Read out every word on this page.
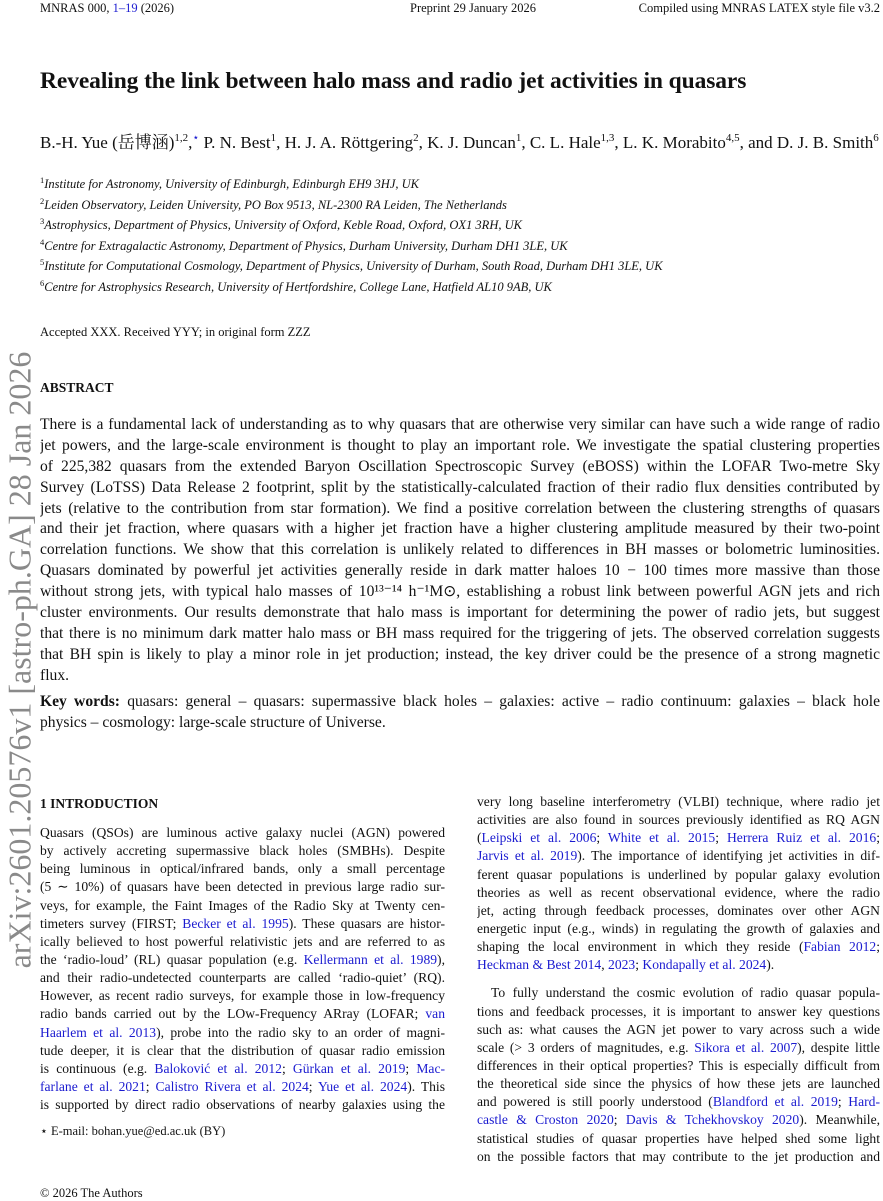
MNRAS 000, 1–19 (2026)	Preprint 29 January 2026	Compiled using MNRAS LATEX style file v3.2
arXiv:2601.20576v1 [astro-ph.GA] 28 Jan 2026
Revealing the link between halo mass and radio jet activities in quasars
B.-H. Yue (岳博涵)$^{1,2}$,⋆ P. N. Best$^1$, H. J. A. Röttgering$^2$, K. J. Duncan$^1$, C. L. Hale$^{1,3}$, L. K. Morabito$^{4,5}$, and D. J. B. Smith$^6$
$^1$Institute for Astronomy, University of Edinburgh, Edinburgh EH9 3HJ, UK
$^2$Leiden Observatory, Leiden University, PO Box 9513, NL-2300 RA Leiden, The Netherlands
$^3$Astrophysics, Department of Physics, University of Oxford, Keble Road, Oxford, OX1 3RH, UK
$^4$Centre for Extragalactic Astronomy, Department of Physics, Durham University, Durham DH1 3LE, UK
$^5$Institute for Computational Cosmology, Department of Physics, University of Durham, South Road, Durham DH1 3LE, UK
$^6$Centre for Astrophysics Research, University of Hertfordshire, College Lane, Hatfield AL10 9AB, UK
Accepted XXX. Received YYY; in original form ZZZ
ABSTRACT
There is a fundamental lack of understanding as to why quasars that are otherwise very similar can have such a wide range of radio
jet powers, and the large-scale environment is thought to play an important role. We investigate the spatial clustering properties
of 225,382 quasars from the extended Baryon Oscillation Spectroscopic Survey (eBOSS) within the LOFAR Two-metre Sky
Survey (LoTSS) Data Release 2 footprint, split by the statistically-calculated fraction of their radio flux densities contributed by
jets (relative to the contribution from star formation). We find a positive correlation between the clustering strengths of quasars
and their jet fraction, where quasars with a higher jet fraction have a higher clustering amplitude measured by their two-point
correlation functions. We show that this correlation is unlikely related to differences in BH masses or bolometric luminosities.
Quasars dominated by powerful jet activities generally reside in dark matter haloes 10 − 100 times more massive than those
without strong jets, with typical halo masses of 10¹³⁻¹⁴ h⁻¹M⊙, establishing a robust link between powerful AGN jets and rich
cluster environments. Our results demonstrate that halo mass is important for determining the power of radio jets, but suggest
that there is no minimum dark matter halo mass or BH mass required for the triggering of jets. The observed correlation suggests
that BH spin is likely to play a minor role in jet production; instead, the key driver could be the presence of a strong magnetic
flux.
Key words: quasars: general – quasars: supermassive black holes – galaxies: active – radio continuum: galaxies – black hole
physics – cosmology: large-scale structure of Universe.
1 INTRODUCTION
Quasars (QSOs) are luminous active galaxy nuclei (AGN) powered
by actively accreting supermassive black holes (SMBHs). Despite
being luminous in optical/infrared bands, only a small percentage
(5 ∼ 10%) of quasars have been detected in previous large radio sur-
veys, for example, the Faint Images of the Radio Sky at Twenty cen-
timeters survey (FIRST; Becker et al. 1995). These quasars are histor-
ically believed to host powerful relativistic jets and are referred to as
the ‘radio-loud’ (RL) quasar population (e.g. Kellermann et al. 1989),
and their radio-undetected counterparts are called ‘radio-quiet’ (RQ).
However, as recent radio surveys, for example those in low-frequency
radio bands carried out by the LOw-Frequency ARray (LOFAR; van
Haarlem et al. 2013), probe into the radio sky to an order of magni-
tude deeper, it is clear that the distribution of quasar radio emission
is continuous (e.g. Baloković et al. 2012; Gürkan et al. 2019; Mac-
farlane et al. 2021; Calistro Rivera et al. 2024; Yue et al. 2024). This
is supported by direct radio observations of nearby galaxies using the
very long baseline interferometry (VLBI) technique, where radio jet
activities are also found in sources previously identified as RQ AGN
(Leipski et al. 2006; White et al. 2015; Herrera Ruiz et al. 2016;
Jarvis et al. 2019). The importance of identifying jet activities in dif-
ferent quasar populations is underlined by popular galaxy evolution
theories as well as recent observational evidence, where the radio
jet, acting through feedback processes, dominates over other AGN
energetic input (e.g., winds) in regulating the growth of galaxies and
shaping the local environment in which they reside (Fabian 2012;
Heckman & Best 2014, 2023; Kondapally et al. 2024).
To fully understand the cosmic evolution of radio quasar popula-
tions and feedback processes, it is important to answer key questions
such as: what causes the AGN jet power to vary across such a wide
scale (> 3 orders of magnitudes, e.g. Sikora et al. 2007), despite little
differences in their optical properties? This is especially difficult from
the theoretical side since the physics of how these jets are launched
and powered is still poorly understood (Blandford et al. 2019; Hard-
castle & Croston 2020; Davis & Tchekhovskoy 2020). Meanwhile,
statistical studies of quasar properties have helped shed some light
on the possible factors that may contribute to the jet production and
⋆ E-mail: bohan.yue@ed.ac.uk (BY)
© 2026 The Authors
